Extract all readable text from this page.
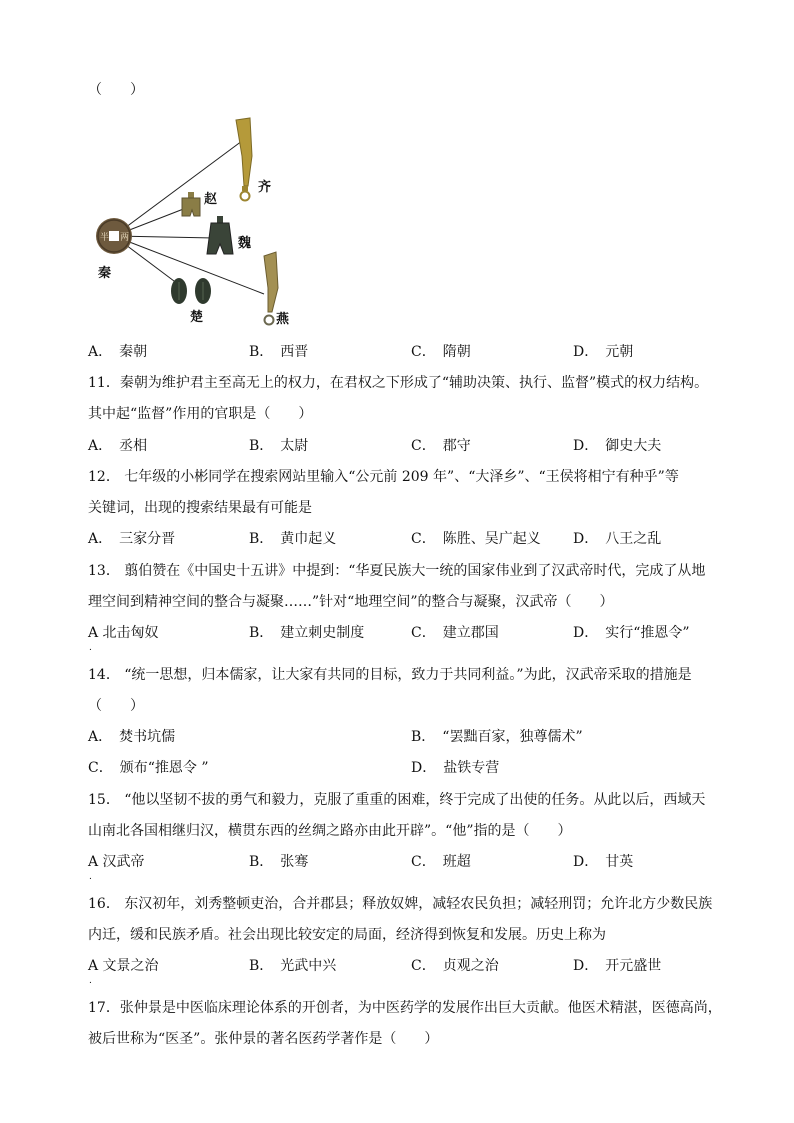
（　　）
半 两
秦
赵
齐
魏
楚	燕
A．　秦朝	B．　西晋	C．　隋朝	D．　元朝
11．秦朝为维护君主至高无上的权力，在君权之下形成了“辅助决策、执行、监督”模式的权力结构。
其中起“监督”作用的官职是（　　）
A．　丞相	B．　太尉	C．　郡守	D．　御史大夫
12． 七年级的小彬同学在搜索网站里输入“公元前 209 年”、“大泽乡”、“王侯将相宁有种乎”等
关键词，出现的搜索结果最有可能是
A．　三家分晋	B．　黄巾起义	C．　陈胜、吴广起义 D．　八王之乱
13． 翦伯赞在《中国史十五讲》中提到：“华夏民族大一统的国家伟业到了汉武帝时代，完成了从地
理空间到精神空间的整合与凝聚……”针对“地理空间”的整合与凝聚，汉武帝（　　）
A 北击匈奴
.
B．　建立刺史制度	C．　建立郡国	D．　实行“推恩令”
14． “统一思想，归本儒家，让大家有共同的目标，致力于共同利益。”为此，汉武帝采取的措施是
（　　）
A．　焚书坑儒	B．　“罢黜百家，独尊儒术”
C．　颁布“推恩令 ”	D．　盐铁专营
15． “他以坚韧不拔的勇气和毅力，克服了重重的困难，终于完成了出使的任务。从此以后，西域天
山南北各国相继归汉，横贯东西的丝绸之路亦由此开辟”。“他”指的是（　　）
A 汉武帝
.
B．　张骞	C．　班超	D．　甘英
16． 东汉初年，刘秀整顿吏治，合并郡县；释放奴婢，减轻农民负担；减轻刑罚；允许北方少数民族
内迁，缓和民族矛盾。社会出现比较安定的局面，经济得到恢复和发展。历史上称为
A 文景之治
.
B．　光武中兴	C．　贞观之治	D．　开元盛世
17．张仲景是中医临床理论体系的开创者，为中医药学的发展作出巨大贡献。他医术精湛，医德高尚，
被后世称为“医圣”。张仲景的著名医药学著作是（　　）
